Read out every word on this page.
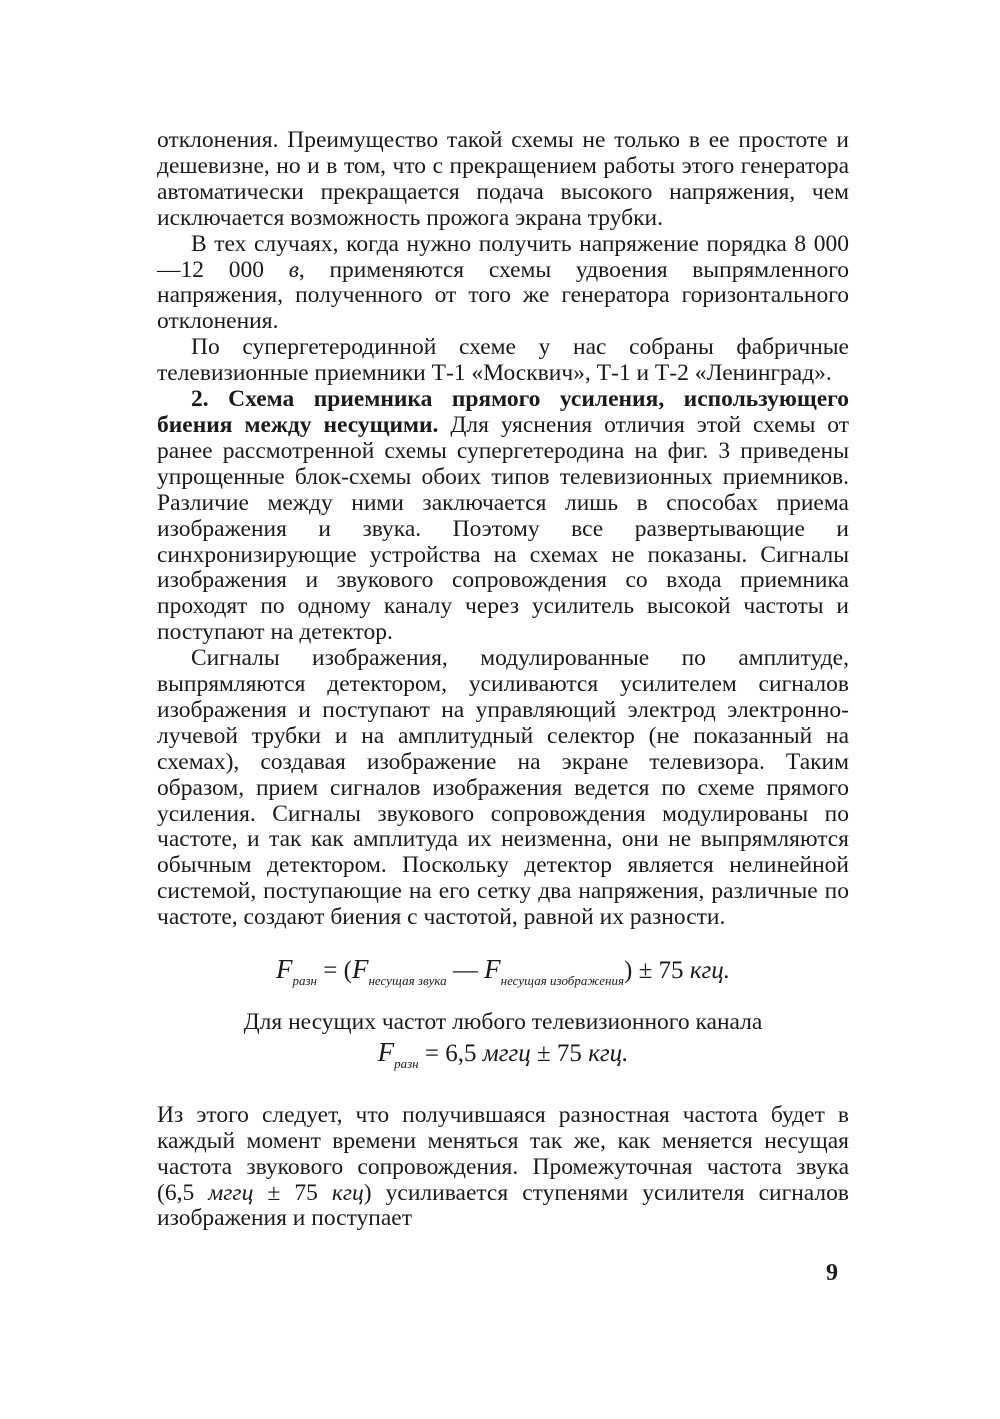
отклонения. Преимущество такой схемы не только в ее простоте и дешевизне, но и в том, что с прекращением работы этого генератора автоматически прекращается подача высокого напряжения, чем исключается возможность прожога экрана трубки.

В тех случаях, когда нужно получить напряжение порядка 8 000—12 000 в, применяются схемы удвоения выпрямленного напряжения, полученного от того же генератора горизонтального отклонения.

По супергетеродинной схеме у нас собраны фабричные телевизионные приемники Т-1 «Москвич», Т-1 и Т-2 «Ленинград».

2. Схема приемника прямого усиления, использующего биения между несущими. Для уяснения отличия этой схемы от ранее рассмотренной схемы супергетеродина на фиг. 3 приведены упрощенные блок-схемы обоих типов телевизионных приемников. Различие между ними заключается лишь в способах приема изображения и звука. Поэтому все развертывающие и синхронизирующие устройства на схемах не показаны. Сигналы изображения и звукового сопровождения со входа приемника проходят по одному каналу через усилитель высокой частоты и поступают на детектор.

Сигналы изображения, модулированные по амплитуде, выпрямляются детектором, усиливаются усилителем сигналов изображения и поступают на управляющий электрод электронно-лучевой трубки и на амплитудный селектор (не показанный на схемах), создавая изображение на экране телевизора. Таким образом, прием сигналов изображения ведется по схеме прямого усиления. Сигналы звукового сопровождения модулированы по частоте, и так как амплитуда их неизменна, они не выпрямляются обычным детектором. Поскольку детектор является нелинейной системой, поступающие на его сетку два напряжения, различные по частоте, создают биения с частотой, равной их разности.

$F_{разн} = (F_{несущая звука}$ — $F_{несущая изображения}) \pm 75$ кгц.

Для несущих частот любого телевизионного канала

$F_{разн} = 6,5$ мггц ± 75 кгц.

Из этого следует, что получившаяся разностная частота будет в каждый момент времени меняться так же, как меняется несущая частота звукового сопровождения. Промежуточная частота звука (6,5 мггц ± 75 кгц) усиливается ступенями усилителя сигналов изображения и поступает

9
